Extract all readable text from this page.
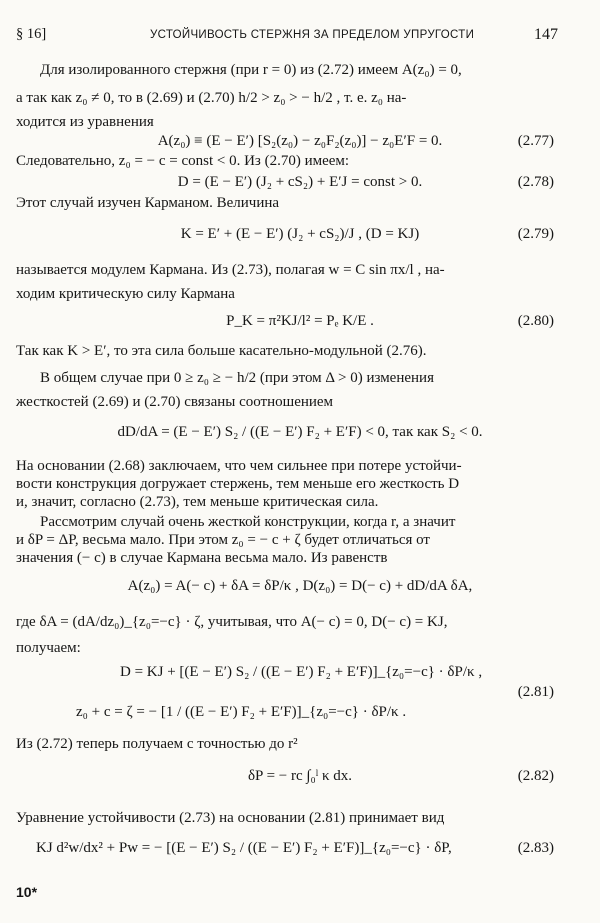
§ 16]	УСТОЙЧИВОСТЬ СТЕРЖНЯ ЗА ПРЕДЕЛОМ УПРУГОСТИ	147
Для изолированного стержня (при r = 0) из (2.72) имеем A(z₀) = 0,
а так как z₀ ≠ 0, то в (2.69) и (2.70) h/2 > z₀ > − h/2 , т. е. z₀ на-
ходится из уравнения
A(z₀) ≡ (E − E′) [S₂(z₀) − z₀F₂(z₀)] − z₀E′F = 0.	(2.77)
Следовательно, z₀ = − c = const < 0. Из (2.70) имеем:
D = (E − E′) (J₂ + cS₂) + E′J = const > 0.	(2.78)
Этот случай изучен Карманом. Величина
K = E′ + (E − E′) (J₂ + cS₂)/J , (D = KJ)	(2.79)
называется модулем Кармана. Из (2.73), полагая w = C sin πx/l , на-
ходим критическую силу Кармана
P_K = π²KJ/l² = Pₑ K/E .	(2.80)
Так как K > E′, то эта сила больше касательно-модульной (2.76).
В общем случае при 0 ≥ z₀ ≥ − h/2 (при этом Δ > 0) изменения
жесткостей (2.69) и (2.70) связаны соотношением
dD/dA = (E − E′) S₂ / ((E − E′) F₂ + E′F) < 0, так как S₂ < 0.
На основании (2.68) заключаем, что чем сильнее при потере устойчи-
вости конструкция догружает стержень, тем меньше его жесткость D
и, значит, согласно (2.73), тем меньше критическая сила.
Рассмотрим случай очень жесткой конструкции, когда r, а значит
и δP = ΔP, весьма мало. При этом z₀ = − c + ζ будет отличаться от
значения (− c) в случае Кармана весьма мало. Из равенств
A(z₀) = A(− c) + δA = δP/κ , D(z₀) = D(− c) + dD/dA δA,
где δA = (dA/dz₀)_{z₀=−c} · ζ, учитывая, что A(− c) = 0, D(− c) = KJ,
получаем:
D = KJ + [(E − E′) S₂ / ((E − E′) F₂ + E′F)]_{z₀=−c} · δP/κ ,
z₀ + c = ζ = − [1 / ((E − E′) F₂ + E′F)]_{z₀=−c} · δP/κ .
(2.81)
Из (2.72) теперь получаем с точностью до r²
δP = − rc ∫₀ˡ κ dx.	(2.82)
Уравнение устойчивости (2.73) на основании (2.81) принимает вид
KJ d²w/dx² + Pw = − [(E − E′) S₂ / ((E − E′) F₂ + E′F)]_{z₀=−c} · δP,	(2.83)
10*
